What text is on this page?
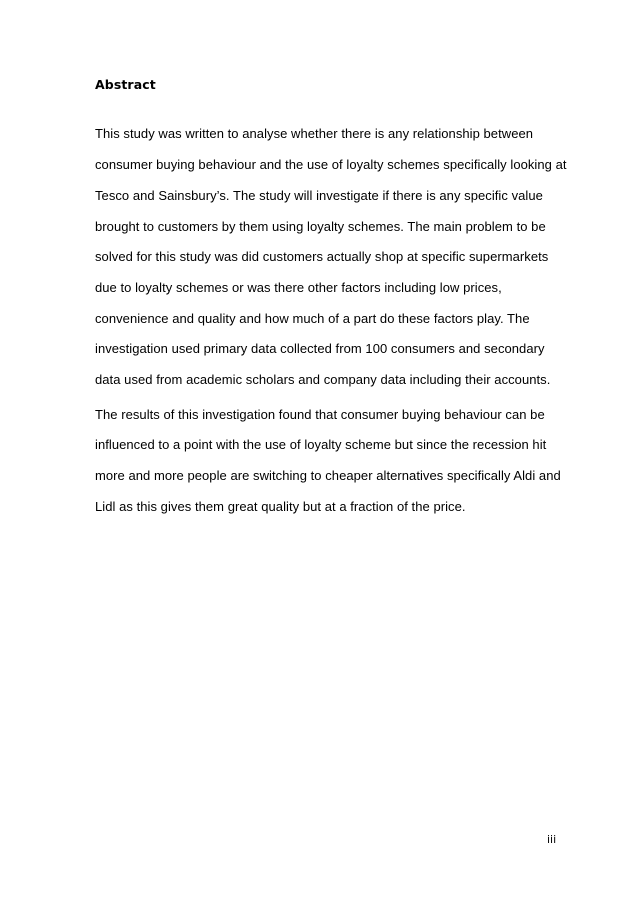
Abstract
This study was written to analyse whether there is any relationship between
consumer buying behaviour and the use of loyalty schemes specifically looking at
Tesco and Sainsbury’s. The study will investigate if there is any specific value
brought to customers by them using loyalty schemes. The main problem to be
solved for this study was did customers actually shop at specific supermarkets
due to loyalty schemes or was there other factors including low prices,
convenience and quality and how much of a part do these factors play. The
investigation used primary data collected from 100 consumers and secondary
data used from academic scholars and company data including their accounts.
The results of this investigation found that consumer buying behaviour can be
influenced to a point with the use of loyalty scheme but since the recession hit
more and more people are switching to cheaper alternatives specifically Aldi and
Lidl as this gives them great quality but at a fraction of the price.
iii
